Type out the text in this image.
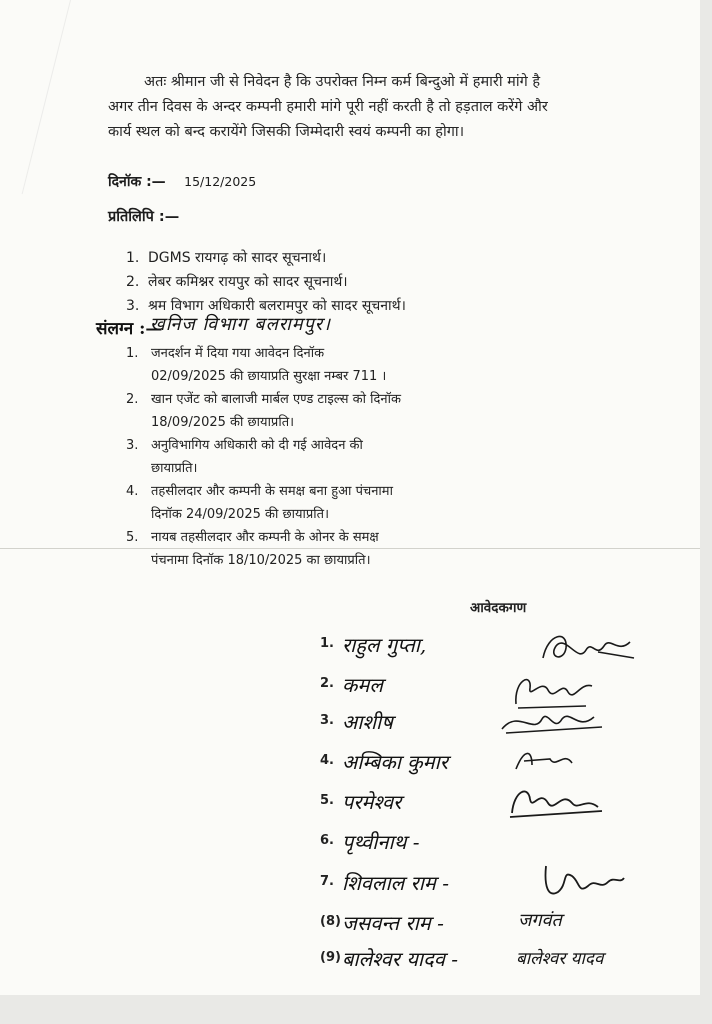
अतः श्रीमान जी से निवेदन है कि उपरोक्त निम्न कर्म बिन्दुओ में हमारी मांगे है
अगर तीन दिवस के अन्दर कम्पनी हमारी मांगे पूरी नहीं करती है तो हड़ताल करेंगे और
कार्य स्थल को बन्द करायेंगे जिसकी जिम्मेदारी स्वयं कम्पनी का होगा।
दिनॉक :— 15/12/2025
प्रतिलिपि :—
1. DGMS रायगढ़ को सादर सूचनार्थ।
2. लेबर कमिश्नर रायपुर को सादर सूचनार्थ।
3. श्रम विभाग अधिकारी बलरामपुर को सादर सूचनार्थ।
संलग्न :—
खनिज विभाग बलरामपुर।
1. जनदर्शन में दिया गया आवेदन दिनॉक
02/09/2025 की छायाप्रति सुरक्षा नम्बर 711 ।
2. खान एजेंट को बालाजी मार्बल एण्ड टाइल्स को दिनॉक
18/09/2025 की छायाप्रति।
3. अनुविभागिय अधिकारी को दी गई आवेदन की
छायाप्रति।
4. तहसीलदार और कम्पनी के समक्ष बना हुआ पंचनामा
दिनॉक 24/09/2025 की छायाप्रति।
5. नायब तहसीलदार और कम्पनी के ओनर के समक्ष
पंचनामा दिनॉक 18/10/2025 का छायाप्रति।
आवेदकगण
1. राहुल गुप्ता,
2. कमल
3. आशीष
4. अम्बिका कुमार
5. परमेश्वर
6. पृथ्वीनाथ -
7. शिवलाल राम -
(8) जसवन्त राम -	जगवंत
(9) बालेश्वर यादव -	बालेश्वर यादव
